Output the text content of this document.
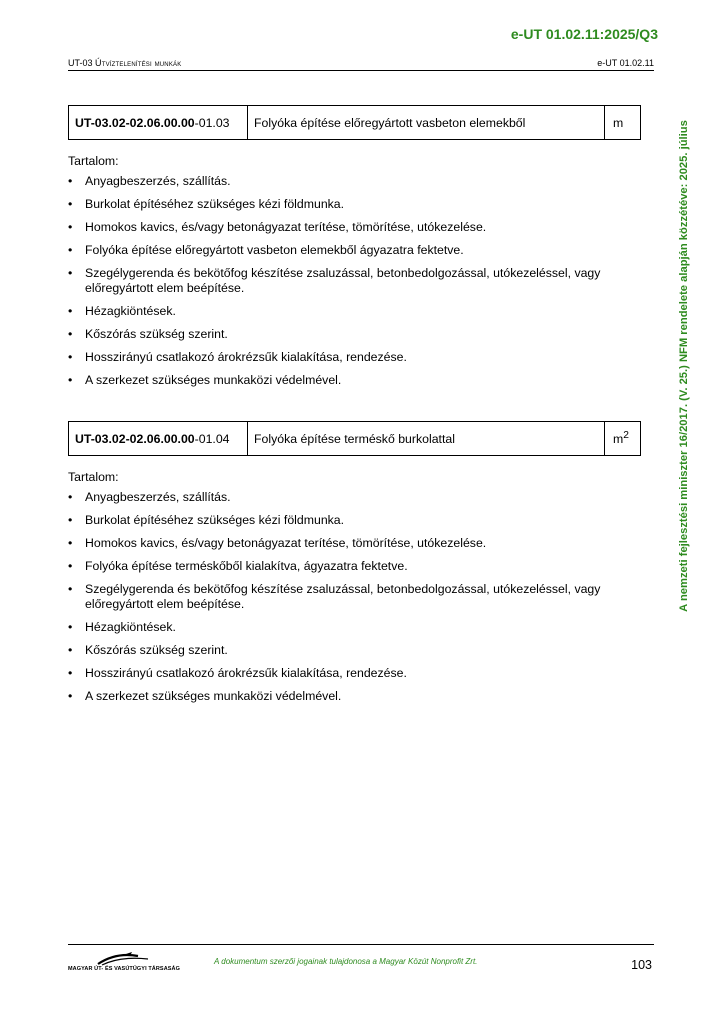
e-UT 01.02.11:2025/Q3
UT-03 Útvíztelenítési munkák	e-UT 01.02.11
A nemzeti fejlesztési miniszter 16/2017. (V. 25.) NFM rendelete alapján közzétéve: 2025. július
UT-03.02-02.06.00.00-01.03	Folyóka építése előregyártott vasbeton elemekből	m
Tartalom:
• Anyagbeszerzés, szállítás.
• Burkolat építéséhez szükséges kézi földmunka.
• Homokos kavics, és/vagy betonágyazat terítése, tömörítése, utókezelése.
• Folyóka építése előregyártott vasbeton elemekből ágyazatra fektetve.
• Szegélygerenda és bekötőfog készítése zsaluzással, betonbedolgozással, utókezeléssel, vagy előregyártott elem beépítése.
• Hézagkiöntések.
• Kőszórás szükség szerint.
• Hosszirányú csatlakozó árokrézsűk kialakítása, rendezése.
• A szerkezet szükséges munkaközi védelmével.
UT-03.02-02.06.00.00-01.04	Folyóka építése terméskő burkolattal	$m^2$
Tartalom:
• Anyagbeszerzés, szállítás.
• Burkolat építéséhez szükséges kézi földmunka.
• Homokos kavics, és/vagy betonágyazat terítése, tömörítése, utókezelése.
• Folyóka építése terméskőből kialakítva, ágyazatra fektetve.
• Szegélygerenda és bekötőfog készítése zsaluzással, betonbedolgozással, utókezeléssel, vagy előregyártott elem beépítése.
• Hézagkiöntések.
• Kőszórás szükség szerint.
• Hosszirányú csatlakozó árokrézsűk kialakítása, rendezése.
• A szerkezet szükséges munkaközi védelmével.
MAGYAR ÚT- ÉS VASÚTÜGYI TÁRSASÁG
A dokumentum szerzői jogainak tulajdonosa a Magyar Közút Nonprofit Zrt.	103
